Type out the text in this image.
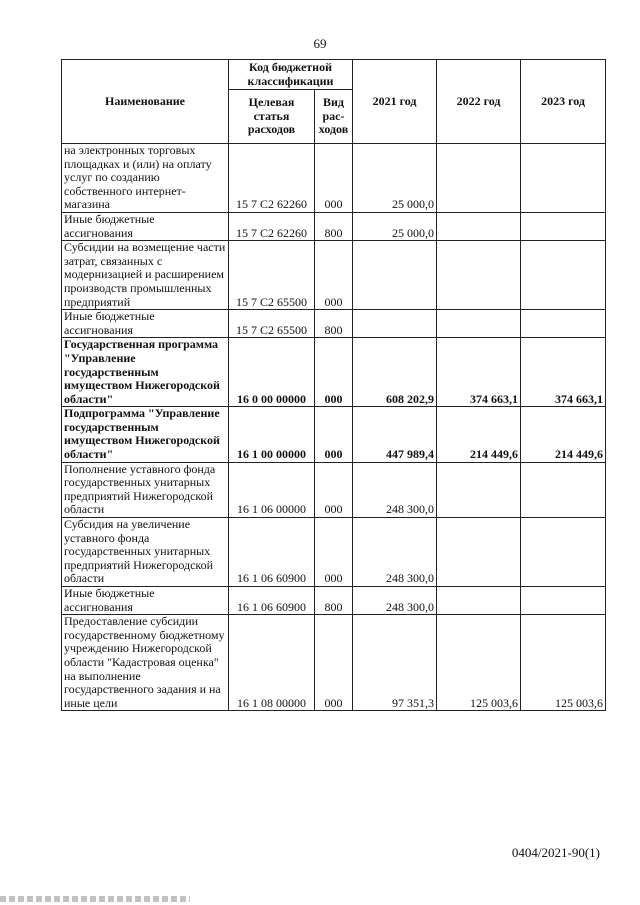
69
Наименование	Код бюджетной классификации		2021 год	2022 год	2023 год
	Целевая статья расходов	Вид рас-ходов			
на электронных торговых площадках и (или) на оплату услуг по созданию собственного интернет-магазина	15 7 C2 62260	000	25 000,0		
Иные бюджетные ассигнования	15 7 C2 62260	800	25 000,0		
Субсидии на возмещение части затрат, связанных с модернизацией и расширением производств промышленных предприятий	15 7 C2 65500	000			
Иные бюджетные ассигнования	15 7 C2 65500	800			
Государственная программа "Управление государственным имуществом Нижегородской области"	16 0 00 00000	000	608 202,9	374 663,1	374 663,1
Подпрограмма "Управление государственным имуществом Нижегородской области"	16 1 00 00000	000	447 989,4	214 449,6	214 449,6
Пополнение уставного фонда государственных унитарных предприятий Нижегородской области	16 1 06 00000	000	248 300,0		
Субсидия на увеличение уставного фонда государственных унитарных предприятий Нижегородской области	16 1 06 60900	000	248 300,0		
Иные бюджетные ассигнования	16 1 06 60900	800	248 300,0		
Предоставление субсидии государственному бюджетному учреждению Нижегородской области "Кадастровая оценка" на выполнение государственного задания и на иные цели	16 1 08 00000	000	97 351,3	125 003,6	125 003,6
0404/2021-90(1)
